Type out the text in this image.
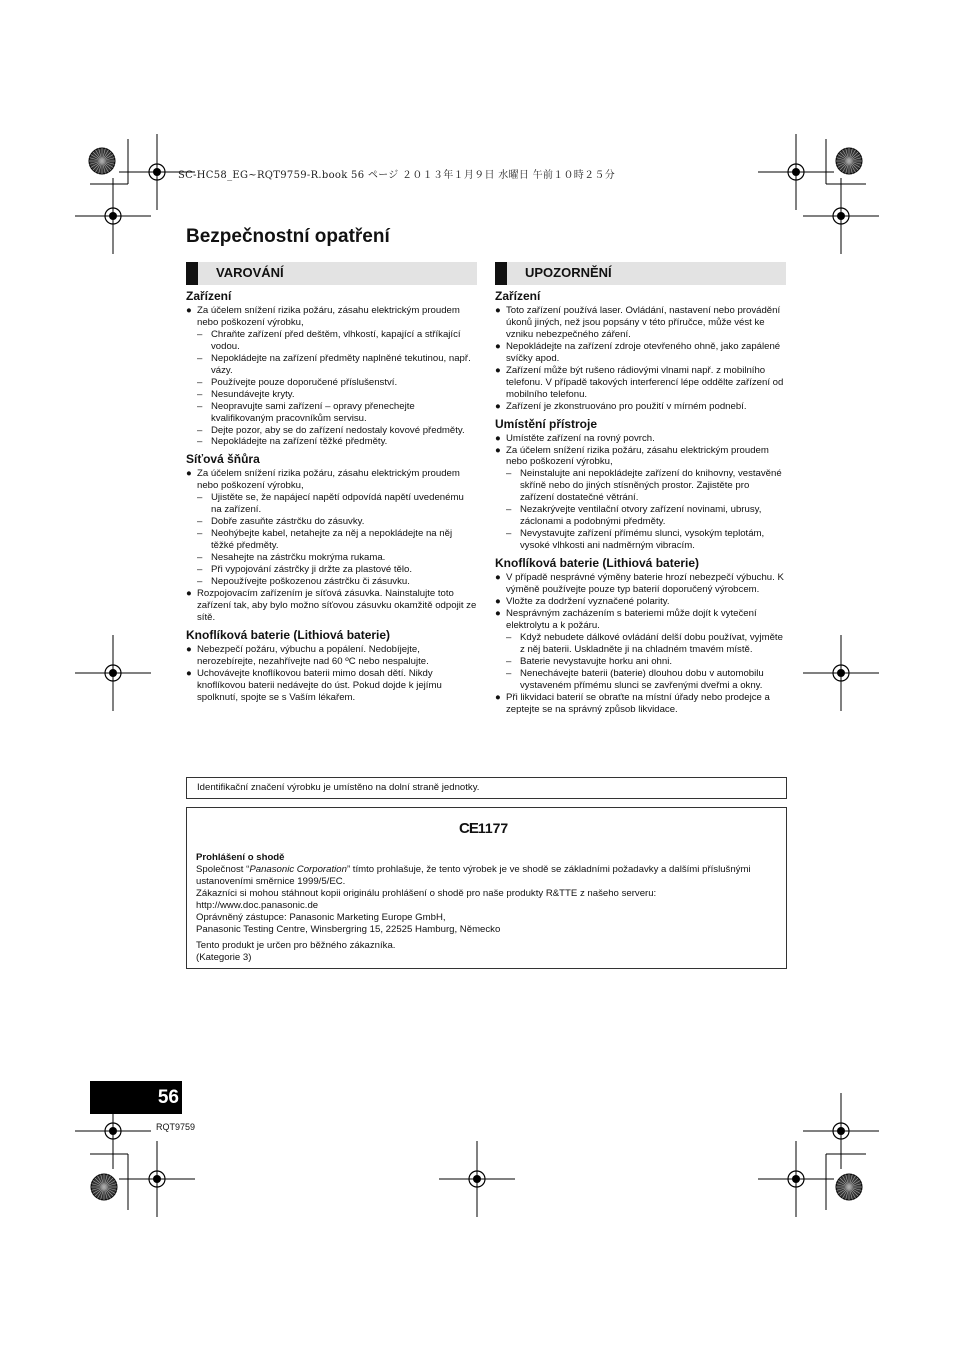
SC-HC58_EG~RQT9759-R.book 56 ページ ２０１３年１月９日 水曜日 午前１０時２５分
Bezpečnostní opatření
VAROVÁNÍ
Zařízení
● Za účelem snížení rizika požáru, zásahu elektrickým proudem nebo poškození výrobku,
– Chraňte zařízení před deštěm, vlhkostí, kapající a stříkající vodou.
– Nepokládejte na zařízení předměty naplněné tekutinou, např. vázy.
– Používejte pouze doporučené příslušenství.
– Nesundávejte kryty.
– Neopravujte sami zařízení – opravy přenechejte kvalifikovaným pracovníkům servisu.
– Dejte pozor, aby se do zařízení nedostaly kovové předměty.
– Nepokládejte na zařízení těžké předměty.
Síťová šňůra
● Za účelem snížení rizika požáru, zásahu elektrickým proudem nebo poškození výrobku,
– Ujistěte se, že napájecí napětí odpovídá napětí uvedenému na zařízení.
– Dobře zasuňte zástrčku do zásuvky.
– Neohýbejte kabel, netahejte za něj a nepokládejte na něj těžké předměty.
– Nesahejte na zástrčku mokrýma rukama.
– Při vypojování zástrčky ji držte za plastové tělo.
– Nepoužívejte poškozenou zástrčku či zásuvku.
● Rozpojovacím zařízením je síťová zásuvka. Nainstalujte toto zařízení tak, aby bylo možno síťovou zásuvku okamžitě odpojit ze sítě.
Knoflíková baterie (Lithiová baterie)
● Nebezpečí požáru, výbuchu a popálení. Nedobíjejte, nerozebírejte, nezahřívejte nad 60 ºC nebo nespalujte.
● Uchovávejte knoflíkovou baterii mimo dosah dětí. Nikdy knoflíkovou baterii nedávejte do úst. Pokud dojde k jejímu spolknutí, spojte se s Vaším lékařem.
UPOZORNĚNÍ
Zařízení
● Toto zařízení používá laser. Ovládání, nastavení nebo provádění úkonů jiných, než jsou popsány v této příručce, může vést ke vzniku nebezpečného záření.
● Nepokládejte na zařízení zdroje otevřeného ohně, jako zapálené svíčky apod.
● Zařízení může být rušeno rádiovými vlnami např. z mobilního telefonu. V případě takových interferencí lépe oddělte zařízení od mobilního telefonu.
● Zařízení je zkonstruováno pro použití v mírném podnebí.
Umístění přístroje
● Umístěte zařízení na rovný povrch.
● Za účelem snížení rizika požáru, zásahu elektrickým proudem nebo poškození výrobku,
– Neinstalujte ani nepokládejte zařízení do knihovny, vestavěné skříně nebo do jiných stísněných prostor. Zajistěte pro zařízení dostatečné větrání.
– Nezakrývejte ventilační otvory zařízení novinami, ubrusy, záclonami a podobnými předměty.
– Nevystavujte zařízení přímému slunci, vysokým teplotám, vysoké vlhkosti ani nadměrným vibracím.
Knoflíková baterie (Lithiová baterie)
● V případě nesprávné výměny baterie hrozí nebezpečí výbuchu. K výměně používejte pouze typ baterií doporučený výrobcem.
● Vložte za dodržení vyznačené polarity.
● Nesprávným zacházením s bateriemi může dojít k vytečení elektrolytu a k požáru.
– Když nebudete dálkové ovládání delší dobu používat, vyjměte z něj baterii. Uskladněte ji na chladném tmavém místě.
– Baterie nevystavujte horku ani ohni.
– Nenechávejte baterii (baterie) dlouhou dobu v automobilu vystaveném přímému slunci se zavřenými dveřmi a okny.
● Při likvidaci baterií se obraťte na místní úřady nebo prodejce a zeptejte se na správný způsob likvidace.
Identifikační značení výrobku je umístěno na dolní straně jednotky.
CE1177
Prohlášení o shodě
Společnost “Panasonic Corporation” tímto prohlašuje, že tento výrobek je ve shodě se základními požadavky a dalšími příslušnými ustanoveními směrnice 1999/5/EC.
Zákazníci si mohou stáhnout kopii originálu prohlášení o shodě pro naše produkty R&TTE z našeho serveru:
http://www.doc.panasonic.de
Oprávněný zástupce: Panasonic Marketing Europe GmbH,
Panasonic Testing Centre, Winsbergring 15, 22525 Hamburg, Německo
Tento produkt je určen pro běžného zákazníka.
(Kategorie 3)
56
RQT9759
